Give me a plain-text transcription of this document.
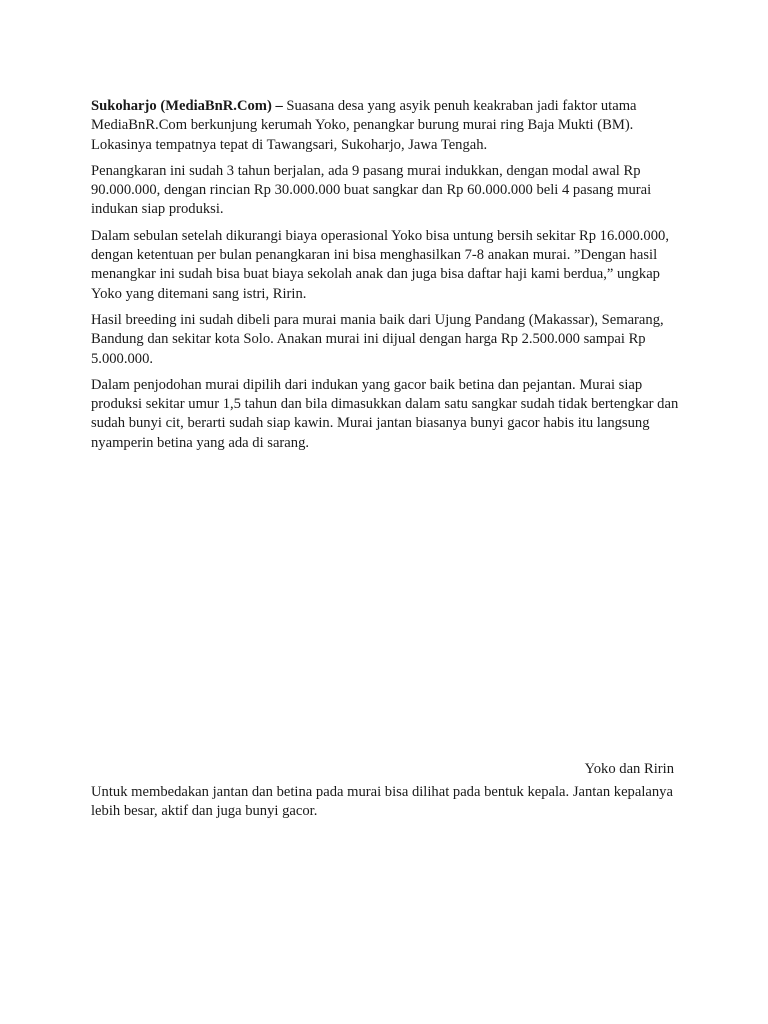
Sukoharjo (MediaBnR.Com) – Suasana desa yang asyik penuh keakraban jadi faktor utama MediaBnR.Com berkunjung kerumah Yoko, penangkar burung murai ring Baja Mukti (BM). Lokasinya tempatnya tepat di Tawangsari, Sukoharjo, Jawa Tengah.

Penangkaran ini sudah 3 tahun berjalan, ada 9 pasang murai indukkan, dengan modal awal Rp 90.000.000, dengan rincian Rp 30.000.000 buat sangkar dan Rp 60.000.000 beli 4 pasang murai indukan siap produksi.

Dalam sebulan setelah dikurangi biaya operasional Yoko bisa untung bersih sekitar Rp 16.000.000, dengan ketentuan per bulan penangkaran ini bisa menghasilkan 7-8 anakan murai. ”Dengan hasil menangkar ini sudah bisa buat biaya sekolah anak dan juga bisa daftar haji kami berdua,” ungkap Yoko yang ditemani sang istri, Ririn.

Hasil breeding ini sudah dibeli para murai mania baik dari Ujung Pandang (Makassar), Semarang, Bandung dan sekitar kota Solo. Anakan murai ini dijual dengan harga Rp 2.500.000 sampai Rp 5.000.000.

Dalam penjodohan murai dipilih dari indukan yang gacor baik betina dan pejantan. Murai siap produksi sekitar umur 1,5 tahun dan bila dimasukkan dalam satu sangkar sudah tidak bertengkar dan sudah bunyi cit, berarti sudah siap kawin. Murai jantan biasanya bunyi gacor habis itu langsung nyamperin betina yang ada di sarang.

Yoko dan Ririn

Untuk membedakan jantan dan betina pada murai bisa dilihat pada bentuk kepala. Jantan kepalanya lebih besar, aktif dan juga bunyi gacor.
